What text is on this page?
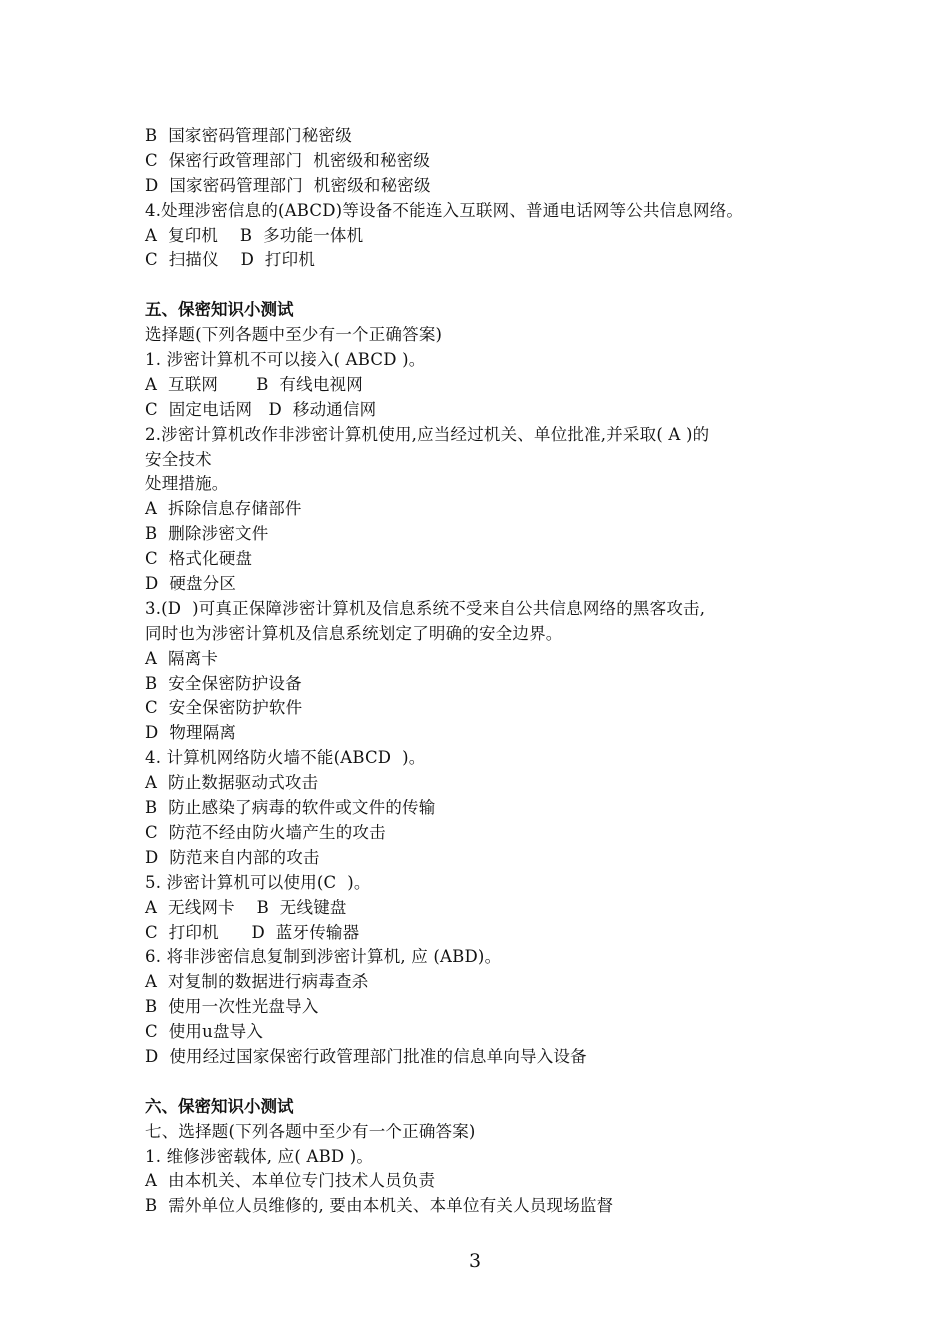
B  国家密码管理部门秘密级
C  保密行政管理部门  机密级和秘密级
D  国家密码管理部门  机密级和秘密级
4.处理涉密信息的(ABCD)等设备不能连入互联网、普通电话网等公共信息网络。
A  复印机    B  多功能一体机
C  扫描仪    D  打印机
五、保密知识小测试
选择题(下列各题中至少有一个正确答案)
1. 涉密计算机不可以接入( ABCD )。
A  互联网       B  有线电视网
C  固定电话网   D  移动通信网
2.涉密计算机改作非涉密计算机使用,应当经过机关、单位批准,并采取( A )的
安全技术
处理措施。
A  拆除信息存储部件
B  删除涉密文件
C  格式化硬盘
D  硬盘分区
3.(D  )可真正保障涉密计算机及信息系统不受来自公共信息网络的黑客攻击,
同时也为涉密计算机及信息系统划定了明确的安全边界。
A  隔离卡
B  安全保密防护设备
C  安全保密防护软件
D  物理隔离
4. 计算机网络防火墙不能(ABCD  )。
A  防止数据驱动式攻击
B  防止感染了病毒的软件或文件的传输
C  防范不经由防火墙产生的攻击
D  防范来自内部的攻击
5. 涉密计算机可以使用(C  )。
A  无线网卡    B  无线键盘
C  打印机      D  蓝牙传输器
6. 将非涉密信息复制到涉密计算机, 应 (ABD)。
A  对复制的数据进行病毒查杀
B  使用一次性光盘导入
C  使用u盘导入
D  使用经过国家保密行政管理部门批准的信息单向导入设备
六、保密知识小测试
七、选择题(下列各题中至少有一个正确答案)
1. 维修涉密载体, 应( ABD )。
A  由本机关、本单位专门技术人员负责
B  需外单位人员维修的, 要由本机关、本单位有关人员现场监督
3
